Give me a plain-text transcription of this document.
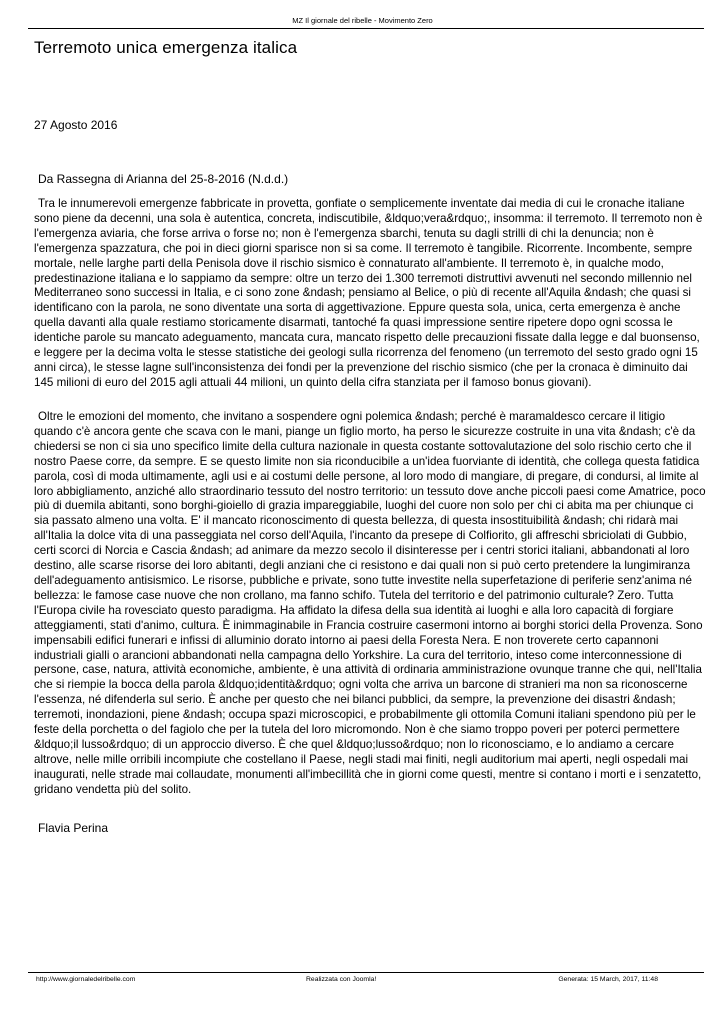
MZ Il giornale del ribelle - Movimento Zero
Terremoto unica emergenza italica
27 Agosto 2016
Da Rassegna di Arianna del 25-8-2016 (N.d.d.)

Tra le innumerevoli emergenze fabbricate in provetta, gonfiate o semplicemente inventate dai media di cui le cronache italiane sono piene da decenni, una sola è autentica, concreta, indiscutibile, &ldquo;vera&rdquo;, insomma: il terremoto. Il terremoto non è l'emergenza aviaria, che forse arriva o forse no; non è l'emergenza sbarchi, tenuta su dagli strilli di chi la denuncia; non è l'emergenza spazzatura, che poi in dieci giorni sparisce non si sa come. Il terremoto è tangibile. Ricorrente. Incombente, sempre mortale, nelle larghe parti della Penisola dove il rischio sismico è connaturato all'ambiente. Il terremoto è, in qualche modo, predestinazione italiana e lo sappiamo da sempre: oltre un terzo dei 1.300 terremoti distruttivi avvenuti nel secondo millennio nel Mediterraneo sono successi in Italia, e ci sono zone &ndash; pensiamo al Belice, o più di recente all'Aquila &ndash; che quasi si identificano con la parola, ne sono diventate una sorta di aggettivazione. Eppure questa sola, unica, certa emergenza è anche quella davanti alla quale restiamo storicamente disarmati, tantoché fa quasi impressione sentire ripetere dopo ogni scossa le identiche parole su mancato adeguamento, mancata cura, mancato rispetto delle precauzioni fissate dalla legge e dal buonsenso, e leggere per la decima volta le stesse statistiche dei geologi sulla ricorrenza del fenomeno (un terremoto del sesto grado ogni 15 anni circa), le stesse lagne sull'inconsistenza dei fondi per la prevenzione del rischio sismico (che per la cronaca è diminuito dai 145 milioni di euro del 2015 agli attuali 44 milioni, un quinto della cifra stanziata per il famoso bonus giovani).

Oltre le emozioni del momento, che invitano a sospendere ogni polemica &ndash; perché è maramaldesco cercare il litigio quando c'è ancora gente che scava con le mani, piange un figlio morto, ha perso le sicurezze costruite in una vita &ndash; c'è da chiedersi se non ci sia uno specifico limite della cultura nazionale in questa costante sottovalutazione del solo rischio certo che il nostro Paese corre, da sempre. E se questo limite non sia riconducibile a un'idea fuorviante di identità, che collega questa fatidica parola, così di moda ultimamente, agli usi e ai costumi delle persone, al loro modo di mangiare, di pregare, di condursi, al limite al loro abbigliamento, anziché allo straordinario tessuto del nostro territorio: un tessuto dove anche piccoli paesi come Amatrice, poco più di duemila abitanti, sono borghi-gioiello di grazia impareggiabile, luoghi del cuore non solo per chi ci abita ma per chiunque ci sia passato almeno una volta. E' il mancato riconoscimento di questa bellezza, di questa insostituibilità &ndash; chi ridarà mai all'Italia la dolce vita di una passeggiata nel corso dell'Aquila, l'incanto da presepe di Colfiorito, gli affreschi sbriciolati di Gubbio, certi scorci di Norcia e Cascia &ndash; ad animare da mezzo secolo il disinteresse per i centri storici italiani, abbandonati al loro destino, alle scarse risorse dei loro abitanti, degli anziani che ci resistono e dai quali non si può certo pretendere la lungimiranza dell'adeguamento antisismico. Le risorse, pubbliche e private, sono tutte investite nella superfetazione di periferie senz'anima né bellezza: le famose case nuove che non crollano, ma fanno schifo. Tutela del territorio e del patrimonio culturale? Zero. Tutta l'Europa civile ha rovesciato questo paradigma. Ha affidato la difesa della sua identità ai luoghi e alla loro capacità di forgiare atteggiamenti, stati d'animo, cultura. È inimmaginabile in Francia costruire casermoni intorno ai borghi storici della Provenza. Sono impensabili edifici funerari e infissi di alluminio dorato intorno ai paesi della Foresta Nera. E non troverete certo capannoni industriali gialli o arancioni abbandonati nella campagna dello Yorkshire. La cura del territorio, inteso come interconnessione di persone, case, natura, attività economiche, ambiente, è una attività di ordinaria amministrazione ovunque tranne che qui, nell'Italia che si riempie la bocca della parola &ldquo;identità&rdquo; ogni volta che arriva un barcone di stranieri ma non sa riconoscerne l'essenza, né difenderla sul serio. È anche per questo che nei bilanci pubblici, da sempre, la prevenzione dei disastri &ndash; terremoti, inondazioni, piene &ndash; occupa spazi microscopici, e probabilmente gli ottomila Comuni italiani spendono più per le feste della porchetta o del fagiolo che per la tutela del loro micromondo. Non è che siamo troppo poveri per poterci permettere &ldquo;il lusso&rdquo; di un approccio diverso. È che quel &ldquo;lusso&rdquo; non lo riconosciamo, e lo andiamo a cercare altrove, nelle mille orribili incompiute che costellano il Paese, negli stadi mai finiti, negli auditorium mai aperti, negli ospedali mai inaugurati, nelle strade mai collaudate, monumenti all'imbecillità che in giorni come questi, mentre si contano i morti e i senzatetto, gridano vendetta più del solito.

Flavia Perina
http://www.giornaledelribelle.com	Realizzata con Joomla!	Generata: 15 March, 2017, 11:48
